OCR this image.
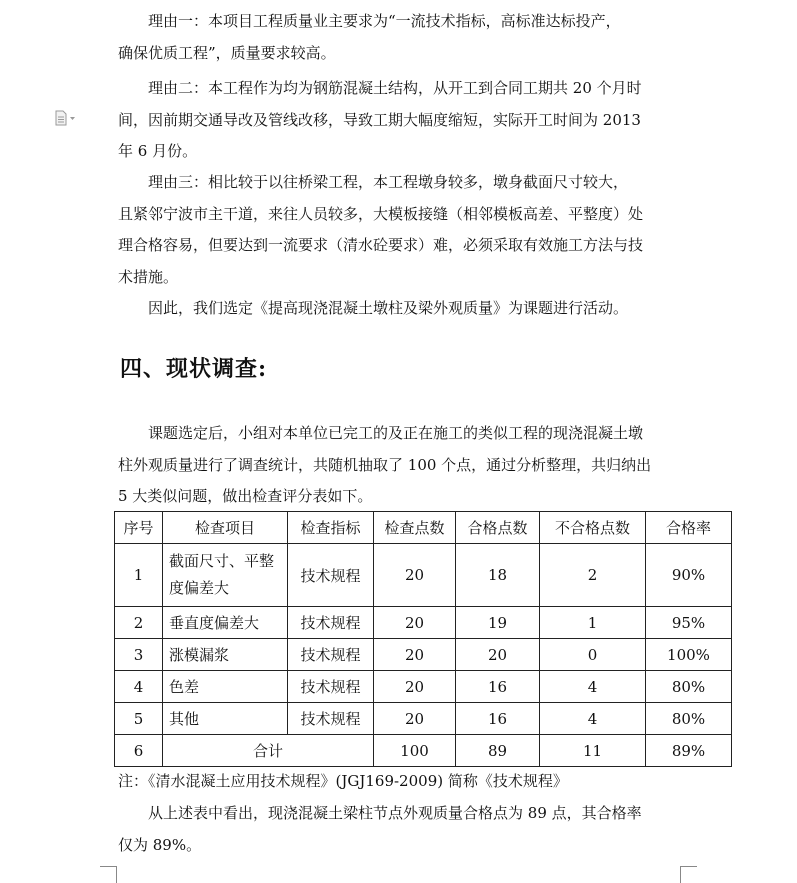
　　理由一：本项目工程质量业主要求为“一流技术指标，高标准达标投产，
确保优质工程”，质量要求较高。
　　理由二：本工程作为均为钢筋混凝土结构，从开工到合同工期共 20 个月时
间，因前期交通导改及管线改移，导致工期大幅度缩短，实际开工时间为 2013
年 6 月份。
　　理由三：相比较于以往桥梁工程，本工程墩身较多，墩身截面尺寸较大，
且紧邻宁波市主干道，来往人员较多，大模板接缝（相邻模板高差、平整度）处
理合格容易，但要达到一流要求（清水砼要求）难，必须采取有效施工方法与技
术措施。
　　因此，我们选定《提高现浇混凝土墩柱及梁外观质量》为课题进行活动。
四、现状调查:
　　课题选定后，小组对本单位已完工的及正在施工的类似工程的现浇混凝土墩
柱外观质量进行了调查统计，共随机抽取了 100 个点，通过分析整理，共归纳出
5 大类似问题，做出检查评分表如下。
序号	检查项目	检查指标	检查点数	合格点数	不合格点数	合格率
1	截面尺寸、平整度偏差大	技术规程	20	18	2	90%
2	垂直度偏差大	技术规程	20	19	1	95%
3	涨模漏浆	技术规程	20	20	0	100%
4	色差	技术规程	20	16	4	80%
5	其他	技术规程	20	16	4	80%
6	合计		100	89	11	89%
注：《清水混凝土应用技术规程》(JGJ169-2009) 简称《技术规程》
　　从上述表中看出，现浇混凝土梁柱节点外观质量合格点为 89 点，其合格率
仅为 89%。
